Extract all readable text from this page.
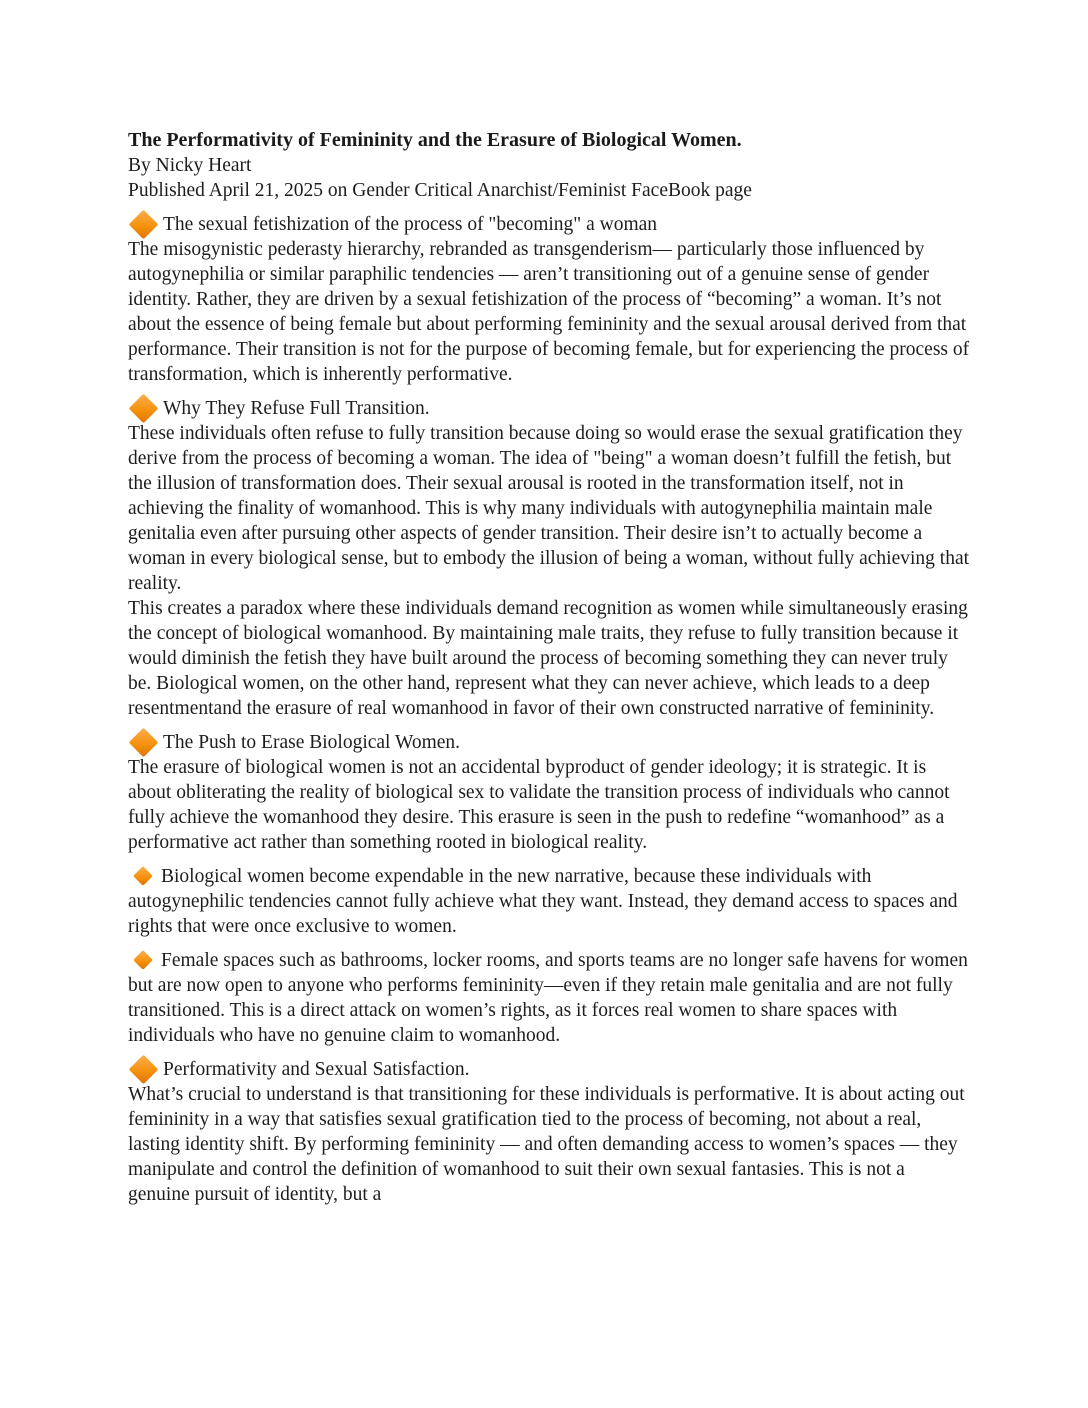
The Performativity of Femininity and the Erasure of Biological Women.

By Nicky Heart

Published April 21, 2025 on Gender Critical Anarchist/Feminist FaceBook page

The sexual fetishization of the process of "becoming" a woman

The misogynistic pederasty hierarchy, rebranded as transgenderism— particularly those influenced by autogynephilia or similar paraphilic tendencies — aren’t transitioning out of a genuine sense of gender identity. Rather, they are driven by a sexual fetishization of the process of “becoming” a woman. It’s not about the essence of being female but about performing femininity and the sexual arousal derived from that performance. Their transition is not for the purpose of becoming female, but for experiencing the process of transformation, which is inherently performative.

Why They Refuse Full Transition.

These individuals often refuse to fully transition because doing so would erase the sexual gratification they derive from the process of becoming a woman. The idea of "being" a woman doesn’t fulfill the fetish, but the illusion of transformation does. Their sexual arousal is rooted in the transformation itself, not in achieving the finality of womanhood. This is why many individuals with autogynephilia maintain male genitalia even after pursuing other aspects of gender transition. Their desire isn’t to actually become a woman in every biological sense, but to embody the illusion of being a woman, without fully achieving that reality.

This creates a paradox where these individuals demand recognition as women while simultaneously erasing the concept of biological womanhood. By maintaining male traits, they refuse to fully transition because it would diminish the fetish they have built around the process of becoming something they can never truly be. Biological women, on the other hand, represent what they can never achieve, which leads to a deep resentmentand the erasure of real womanhood in favor of their own constructed narrative of femininity.

The Push to Erase Biological Women.

The erasure of biological women is not an accidental byproduct of gender ideology; it is strategic. It is about obliterating the reality of biological sex to validate the transition process of individuals who cannot fully achieve the womanhood they desire. This erasure is seen in the push to redefine “womanhood” as a performative act rather than something rooted in biological reality.

Biological women become expendable in the new narrative, because these individuals with autogynephilic tendencies cannot fully achieve what they want. Instead, they demand access to spaces and rights that were once exclusive to women.

Female spaces such as bathrooms, locker rooms, and sports teams are no longer safe havens for women but are now open to anyone who performs femininity—even if they retain male genitalia and are not fully transitioned. This is a direct attack on women’s rights, as it forces real women to share spaces with individuals who have no genuine claim to womanhood.

Performativity and Sexual Satisfaction.

What’s crucial to understand is that transitioning for these individuals is performative. It is about acting out femininity in a way that satisfies sexual gratification tied to the process of becoming, not about a real, lasting identity shift. By performing femininity — and often demanding access to women’s spaces — they manipulate and control the definition of womanhood to suit their own sexual fantasies. This is not a genuine pursuit of identity, but a
